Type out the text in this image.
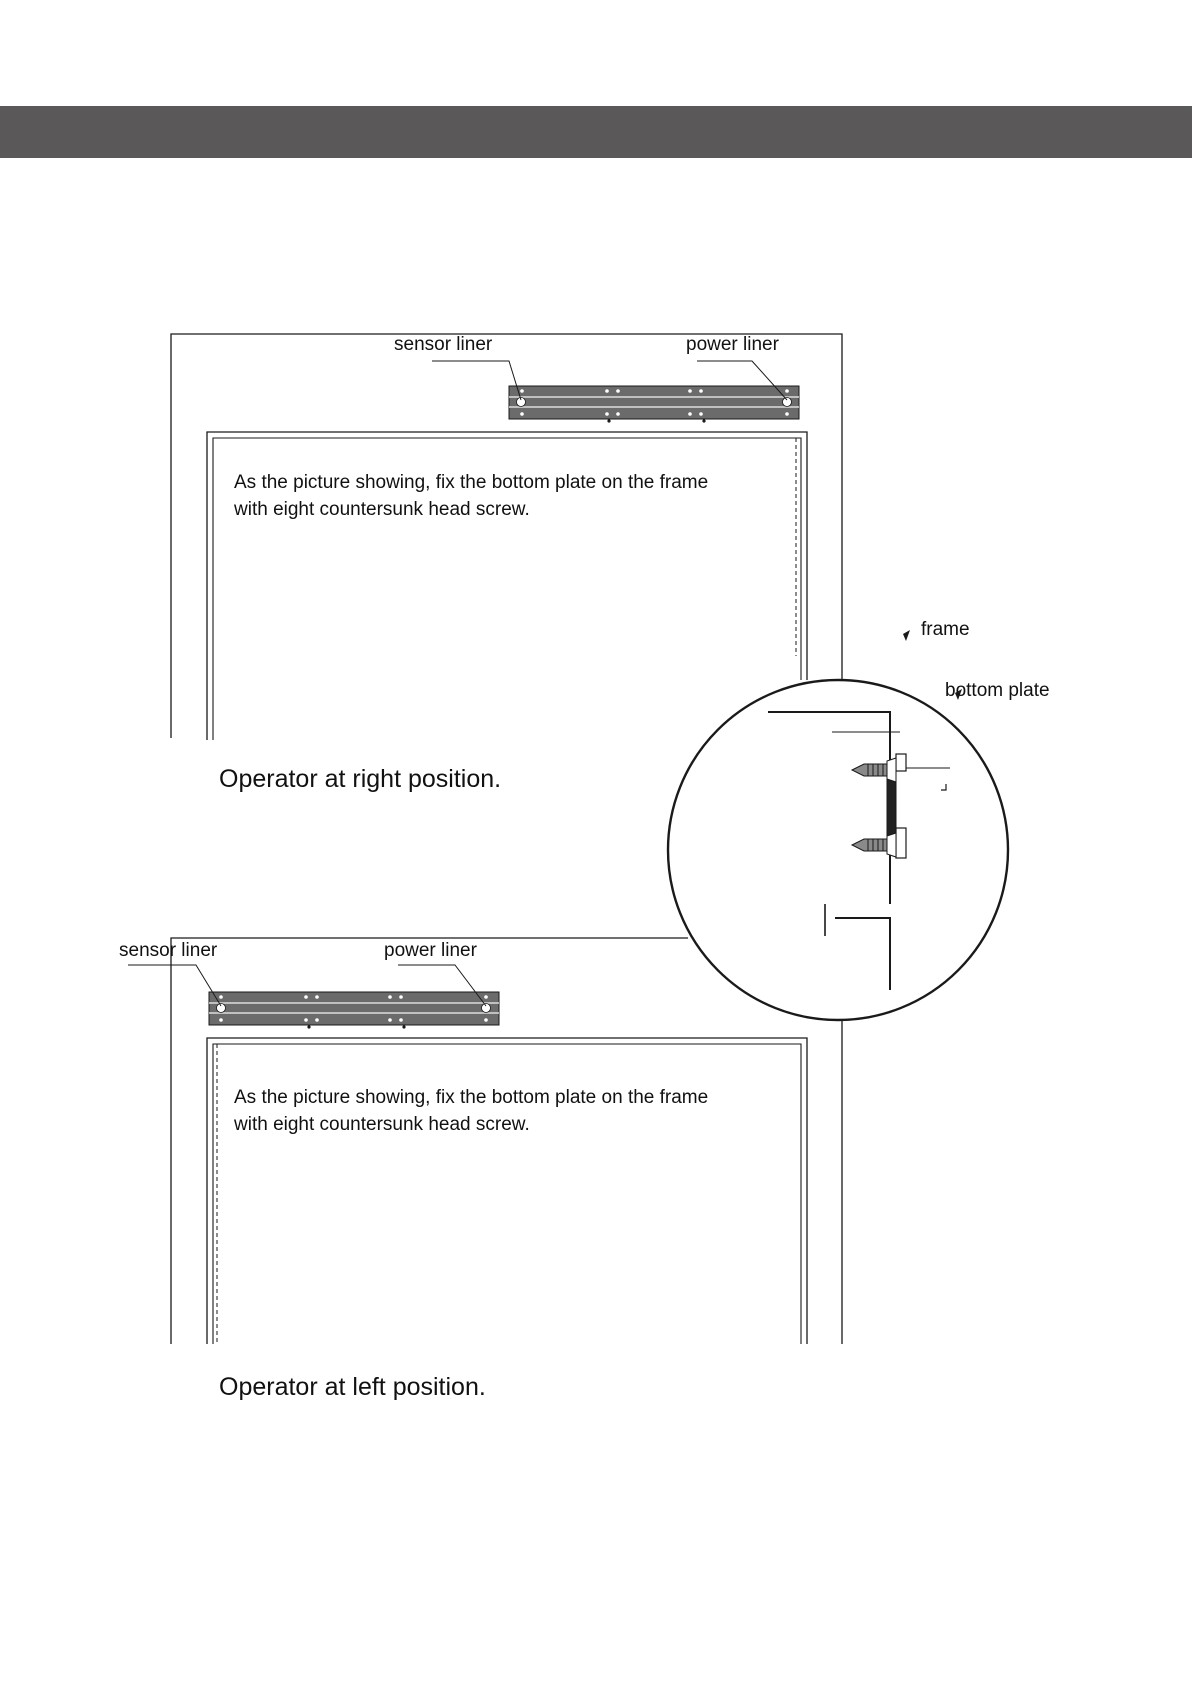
sensor liner	power liner
As the picture showing, fix the bottom plate on the frame
with eight countersunk head screw.
Operator at right position.
sensor liner	power liner
As the picture showing, fix the bottom plate on the frame
with eight countersunk head screw.
Operator at left position.
frame
bottom plate
